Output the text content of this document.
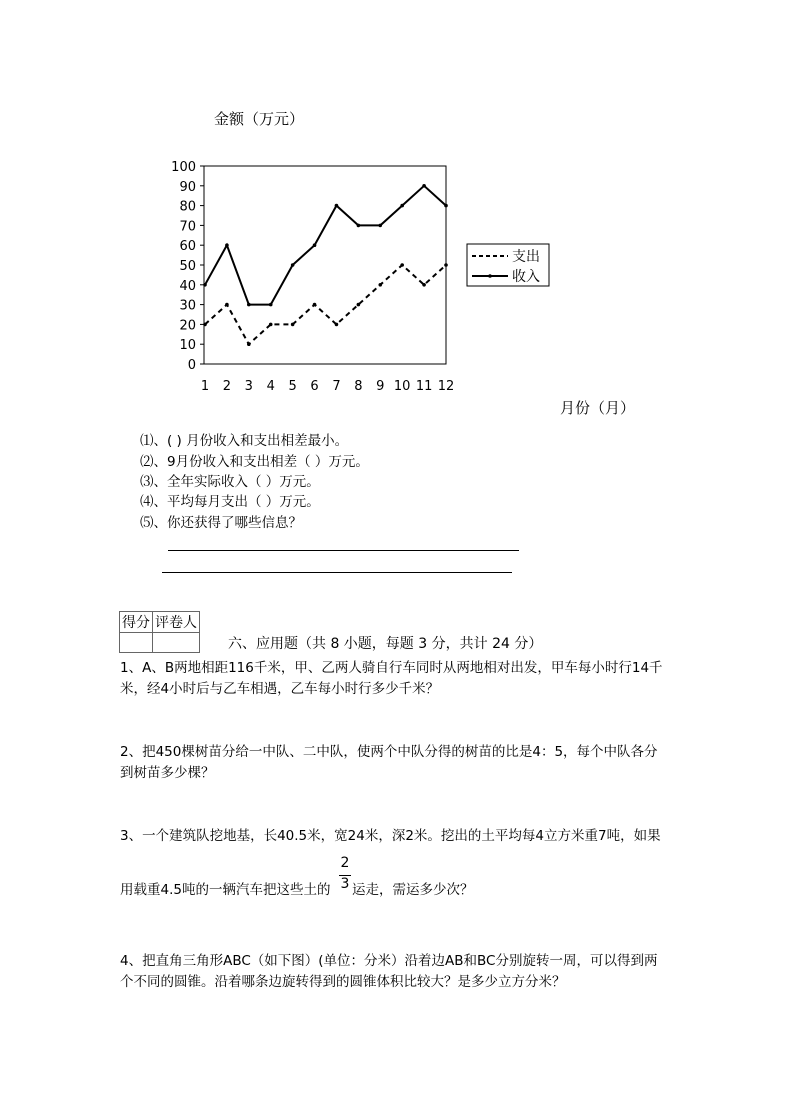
金额（万元）
0
10
20
30
40
50
60
70
80
90
100
1 2 3 4 5 6 7 8 9 10 11 12
支出
收入
月份（月）
⑴、( ) 月份收入和支出相差最小。
⑵、9月份收入和支出相差（ ）万元。
⑶、全年实际收入（ ）万元。
⑷、平均每月支出（ ）万元。
⑸、你还获得了哪些信息？
得分	评卷人

六、应用题（共 8 小题，每题 3 分，共计 24 分）
1、A、B两地相距116千米，甲、乙两人骑自行车同时从两地相对出发，甲车每小时行14千
米，经4小时后与乙车相遇，乙车每小时行多少千米？
2、把450棵树苗分给一中队、二中队，使两个中队分得的树苗的比是4：5，每个中队各分
到树苗多少棵？
3、一个建筑队挖地基，长40.5米，宽24米，深2米。挖出的土平均每4立方米重7吨，如果
用载重4.5吨的一辆汽车把这些土的
2
3 运走，需运多少次？
4、把直角三角形ABC（如下图）(单位：分米）沿着边AB和BC分别旋转一周，可以得到两
个不同的圆锥。沿着哪条边旋转得到的圆锥体积比较大？是多少立方分米？
